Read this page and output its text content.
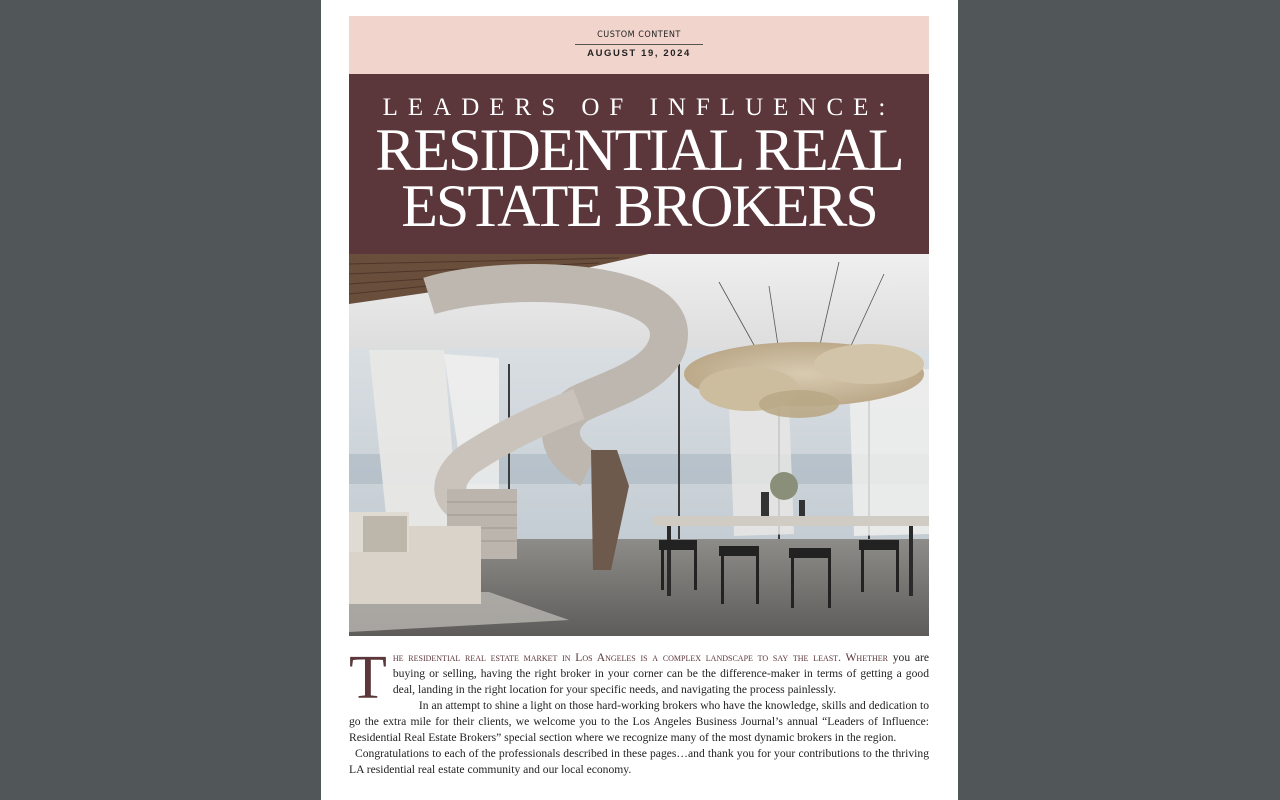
CUSTOM CONTENT
AUGUST 19, 2024
LEADERS OF INFLUENCE:
RESIDENTIAL REAL
ESTATE BROKERS

The residential real estate market in Los Angeles is a complex landscape to say the least. Whether you are buying or selling, having the right broker in your corner can be the difference-maker in terms of getting a good deal, landing in the right location for your specific needs, and navigating the process painlessly.

In an attempt to shine a light on those hard-working brokers who have the knowledge, skills and dedication to go the extra mile for their clients, we welcome you to the Los Angeles Business Journal’s annual “Leaders of Influence: Residential Real Estate Brokers” special section where we recognize many of the most dynamic brokers in the region.

Congratulations to each of the professionals described in these pages…and thank you for your contributions to the thriving LA residential real estate community and our local economy.
